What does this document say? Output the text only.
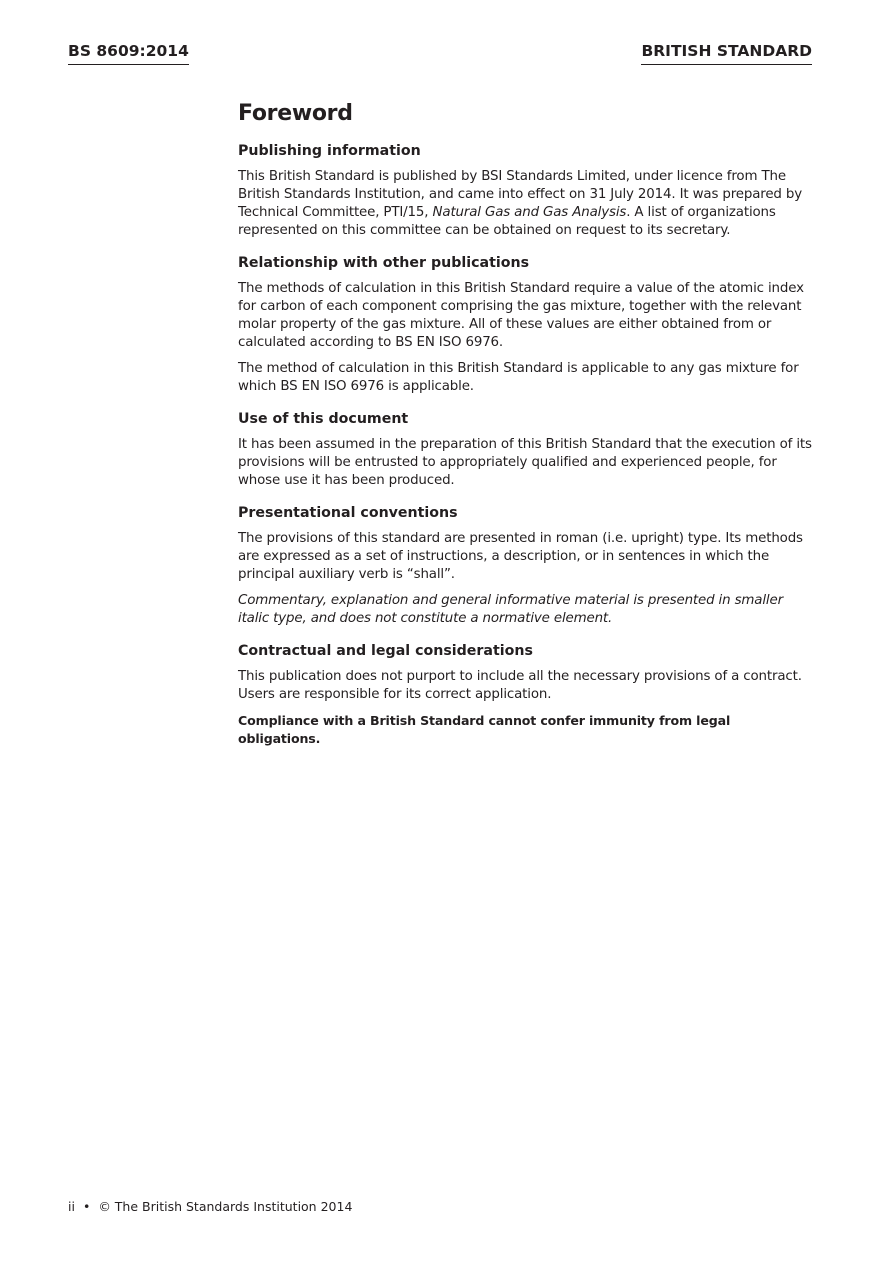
BS 8609:2014	BRITISH STANDARD
Foreword
Publishing information

This British Standard is published by BSI Standards Limited, under licence from The British Standards Institution, and came into effect on 31 July 2014. It was prepared by Technical Committee, PTI/15, Natural Gas and Gas Analysis. A list of organizations represented on this committee can be obtained on request to its secretary.

Relationship with other publications

The methods of calculation in this British Standard require a value of the atomic index for carbon of each component comprising the gas mixture, together with the relevant molar property of the gas mixture. All of these values are either obtained from or calculated according to BS EN ISO 6976.

The method of calculation in this British Standard is applicable to any gas mixture for which BS EN ISO 6976 is applicable.

Use of this document

It has been assumed in the preparation of this British Standard that the execution of its provisions will be entrusted to appropriately qualified and experienced people, for whose use it has been produced.

Presentational conventions

The provisions of this standard are presented in roman (i.e. upright) type. Its methods are expressed as a set of instructions, a description, or in sentences in which the principal auxiliary verb is “shall”.

Commentary, explanation and general informative material is presented in smaller italic type, and does not constitute a normative element.

Contractual and legal considerations

This publication does not purport to include all the necessary provisions of a contract. Users are responsible for its correct application.

Compliance with a British Standard cannot confer immunity from legal obligations.

ii • © The British Standards Institution 2014
